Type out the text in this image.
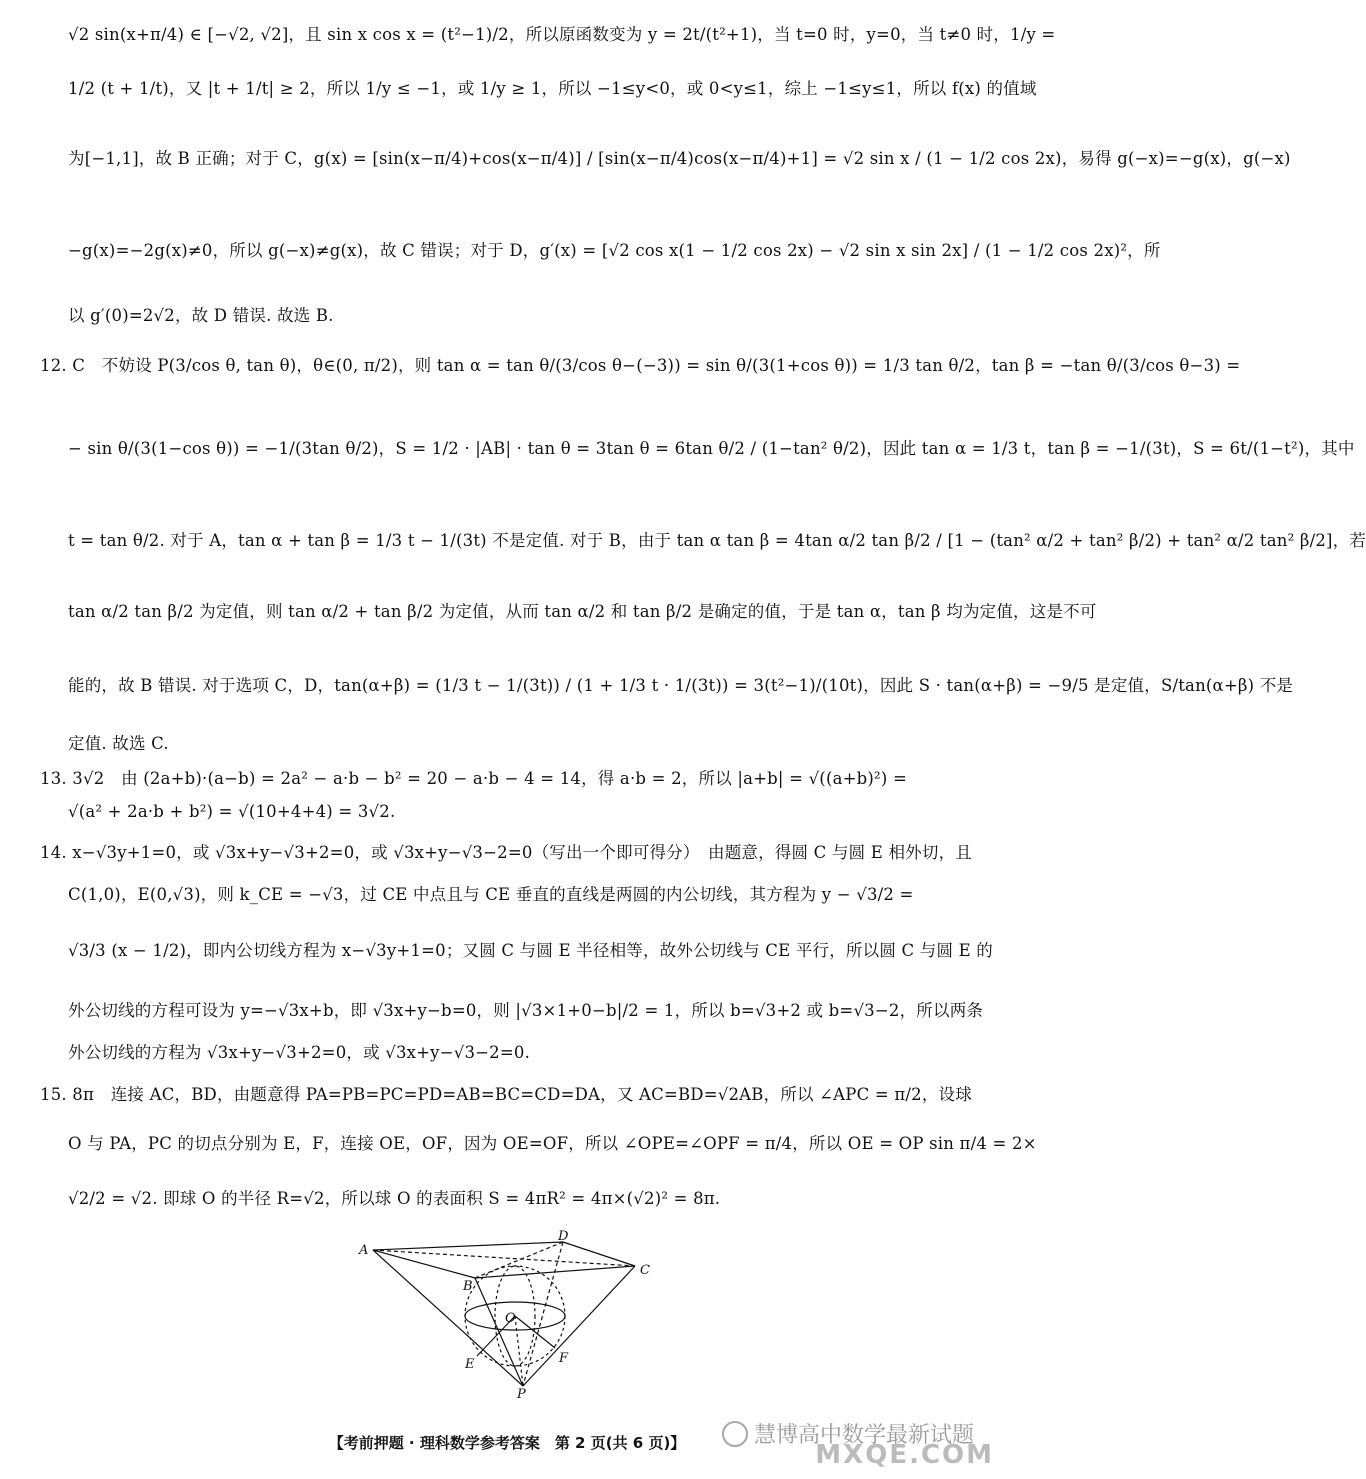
√2 sin(x+π/4) ∈ [−√2, √2]，且 sin x cos x = (t²−1)/2，所以原函数变为 y = 2t/(t²+1)，当 t=0 时，y=0，当 t≠0 时，1/y =
1/2 (t + 1/t)，又 |t + 1/t| ≥ 2，所以 1/y ≤ −1，或 1/y ≥ 1，所以 −1≤y<0，或 0<y≤1，综上 −1≤y≤1，所以 f(x) 的值域
为[−1,1]，故 B 正确；对于 C，g(x) = [sin(x−π/4)+cos(x−π/4)] / [sin(x−π/4)cos(x−π/4)+1] = √2 sin x / (1 − 1/2 cos 2x)，易得 g(−x)=−g(x)，g(−x)
−g(x)=−2g(x)≠0，所以 g(−x)≠g(x)，故 C 错误；对于 D，g′(x) = [√2 cos x(1 − 1/2 cos 2x) − √2 sin x sin 2x] / (1 − 1/2 cos 2x)²，所
以 g′(0)=2√2，故 D 错误. 故选 B.
12. C　不妨设 P(3/cos θ, tan θ)，θ∈(0, π/2)，则 tan α = tan θ/(3/cos θ−(−3)) = sin θ/(3(1+cos θ)) = 1/3 tan θ/2，tan β = −tan θ/(3/cos θ−3) =
− sin θ/(3(1−cos θ)) = −1/(3tan θ/2)，S = 1/2 · |AB| · tan θ = 3tan θ = 6tan θ/2 / (1−tan² θ/2)，因此 tan α = 1/3 t，tan β = −1/(3t)，S = 6t/(1−t²)，其中
t = tan θ/2. 对于 A，tan α + tan β = 1/3 t − 1/(3t) 不是定值. 对于 B，由于 tan α tan β = 4tan α/2 tan β/2 / [1 − (tan² α/2 + tan² β/2) + tan² α/2 tan² β/2]，若
tan α/2 tan β/2 为定值，则 tan α/2 + tan β/2 为定值，从而 tan α/2 和 tan β/2 是确定的值，于是 tan α，tan β 均为定值，这是不可
能的，故 B 错误. 对于选项 C，D，tan(α+β) = (1/3 t − 1/(3t)) / (1 + 1/3 t · 1/(3t)) = 3(t²−1)/(10t)，因此 S · tan(α+β) = −9/5 是定值，S/tan(α+β) 不是
定值. 故选 C.
13. 3√2　由 (2a+b)·(a−b) = 2a² − a·b − b² = 20 − a·b − 4 = 14，得 a·b = 2，所以 |a+b| = √((a+b)²) =
√(a² + 2a·b + b²) = √(10+4+4) = 3√2.
14. x−√3y+1=0，或 √3x+y−√3+2=0，或 √3x+y−√3−2=0（写出一个即可得分）　由题意，得圆 C 与圆 E 相外切，且
C(1,0)，E(0,√3)，则 k_CE = −√3，过 CE 中点且与 CE 垂直的直线是两圆的内公切线，其方程为 y − √3/2 =
√3/3 (x − 1/2)，即内公切线方程为 x−√3y+1=0；又圆 C 与圆 E 半径相等，故外公切线与 CE 平行，所以圆 C 与圆 E 的
外公切线的方程可设为 y=−√3x+b，即 √3x+y−b=0，则 |√3×1+0−b|/2 = 1，所以 b=√3+2 或 b=√3−2，所以两条
外公切线的方程为 √3x+y−√3+2=0，或 √3x+y−√3−2=0.
15. 8π　连接 AC，BD，由题意得 PA=PB=PC=PD=AB=BC=CD=DA，又 AC=BD=√2AB，所以 ∠APC = π/2，设球
O 与 PA，PC 的切点分别为 E，F，连接 OE，OF，因为 OE=OF，所以 ∠OPE=∠OPF = π/4，所以 OE = OP sin π/4 = 2×
√2/2 = √2. 即球 O 的半径 R=√2，所以球 O 的表面积 S = 4πR² = 4π×(√2)² = 8π.
A
D
C
B
O
E	F
P
【考前押题 · 理科数学参考答案　第 2 页(共 6 页)】	慧博高中数学最新试题
MXQE.COM
